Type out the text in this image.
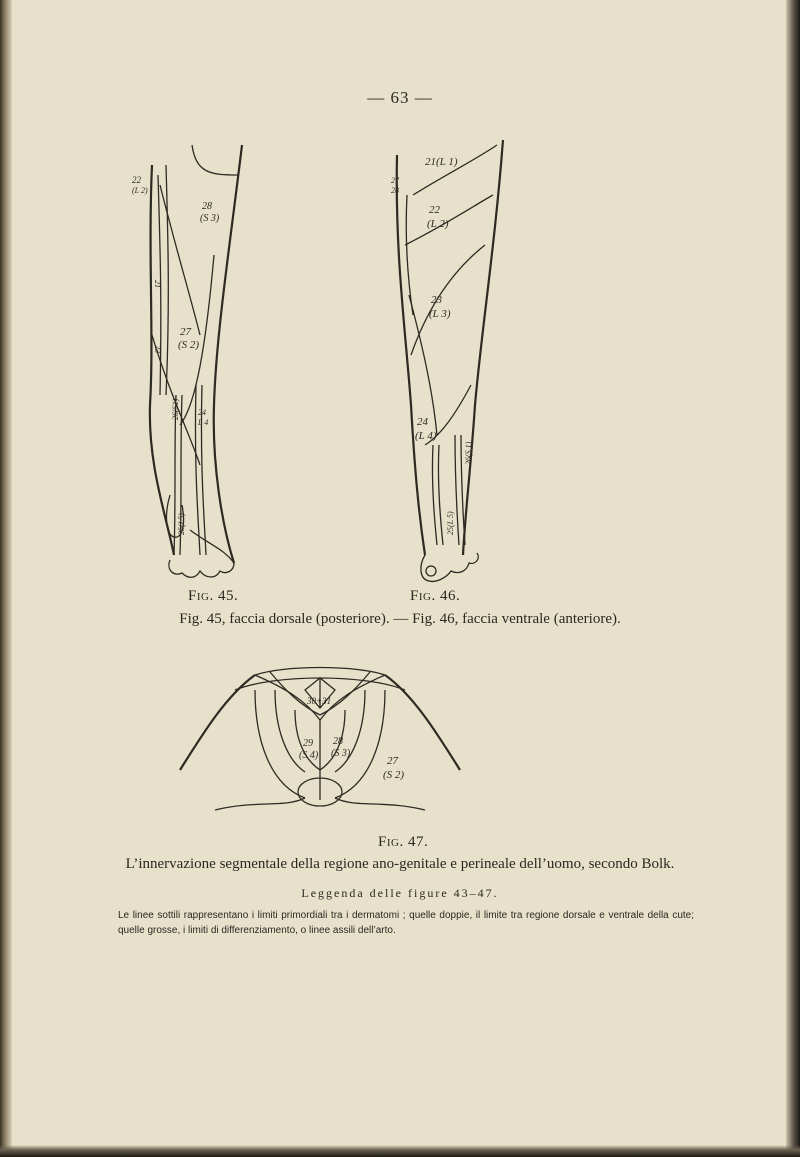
— 63 —
22
(L 2)
28
(S 3)
27
(S 2)
21
23
24
L 4
26(S1)
25(L5)
21(L 1)
22
(L 2)
23
(L 3)
24
(L 4)
26(S 1)
25(L 5)
27
28
Fig. 45.	Fig. 46.
Fig. 45, faccia dorsale (posteriore). — Fig. 46, faccia ventrale (anteriore).
30+31
29
(S 4)
28
(S 3)
27
(S 2)
Fig. 47.
L’innervazione segmentale della regione ano-genitale e perineale dell’uomo, secondo Bolk.
Leggenda delle figure 43–47.
Le linee sottili rappresentano i limiti primordiali tra i dermatomi ; quelle doppie, il limite tra regione dorsale e ventrale della cute; quelle grosse, i limiti di differenziamento, o linee assili dell’arto.
